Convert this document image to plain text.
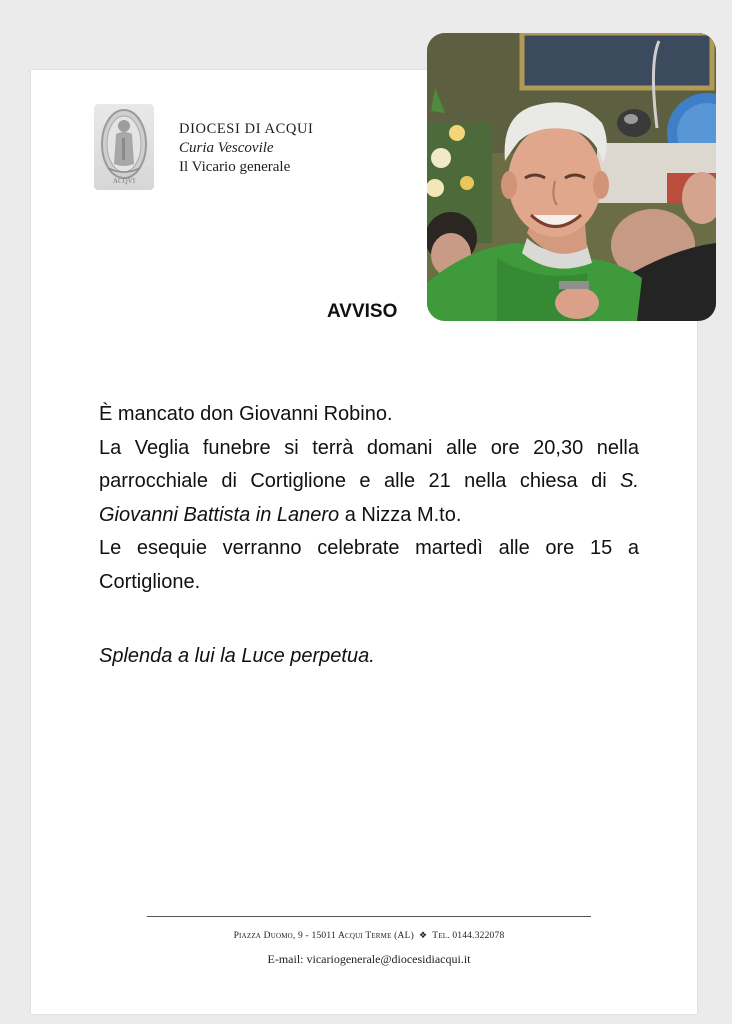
ACQVI
DIOCESI DI ACQUI
Curia Vescovile
Il Vicario generale
AVVISO

È mancato don Giovanni Robino.

La Veglia funebre si terrà domani alle ore 20,30 nella parrocchiale di Cortiglione e alle 21 nella chiesa di S. Giovanni Battista in Lanero a Nizza M.to.

Le esequie verranno celebrate martedì alle ore 15 a Cortiglione.

Splenda a lui la Luce perpetua.
Piazza Duomo, 9 - 15011 Acqui Terme (AL) ❖ Tel. 0144.322078
E-mail: vicariogenerale@diocesidiacqui.it
